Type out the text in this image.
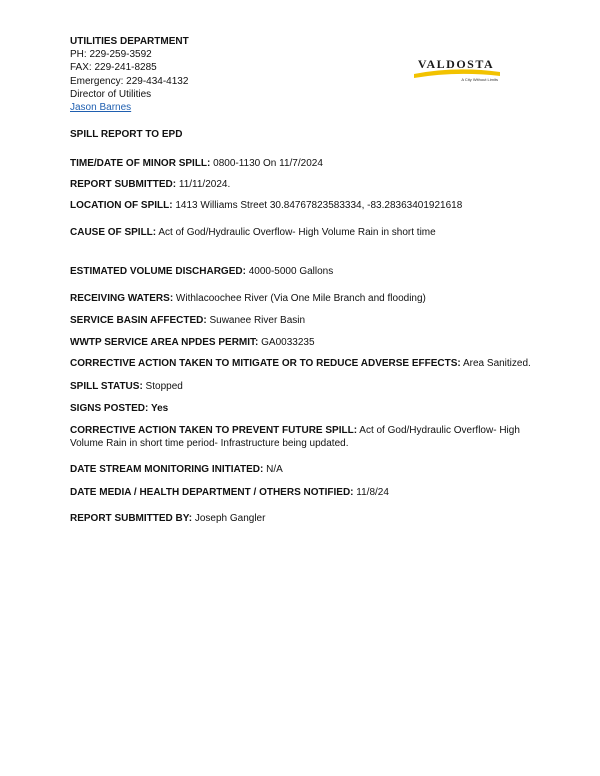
UTILITIES DEPARTMENT
PH: 229-259-3592
FAX: 229-241-8285
Emergency: 229-434-4132
Director of Utilities
Jason Barnes
VALDOSTA
A City Without Limits
SPILL REPORT TO EPD
TIME/DATE OF MINOR SPILL: 0800-1130 On 11/7/2024
REPORT SUBMITTED: 11/11/2024.
LOCATION OF SPILL: 1413 Williams Street 30.84767823583334, -83.28363401921618
CAUSE OF SPILL: Act of God/Hydraulic Overflow- High Volume Rain in short time
ESTIMATED VOLUME DISCHARGED: 4000-5000 Gallons
RECEIVING WATERS: Withlacoochee River (Via One Mile Branch and flooding)
SERVICE BASIN AFFECTED: Suwanee River Basin
WWTP SERVICE AREA NPDES PERMIT: GA0033235
CORRECTIVE ACTION TAKEN TO MITIGATE OR TO REDUCE ADVERSE EFFECTS: Area Sanitized.
SPILL STATUS: Stopped
SIGNS POSTED: Yes
CORRECTIVE ACTION TAKEN TO PREVENT FUTURE SPILL: Act of God/Hydraulic Overflow- High Volume Rain in short time period- Infrastructure being updated.
DATE STREAM MONITORING INITIATED: N/A
DATE MEDIA / HEALTH DEPARTMENT / OTHERS NOTIFIED: 11/8/24
REPORT SUBMITTED BY: Joseph Gangler
